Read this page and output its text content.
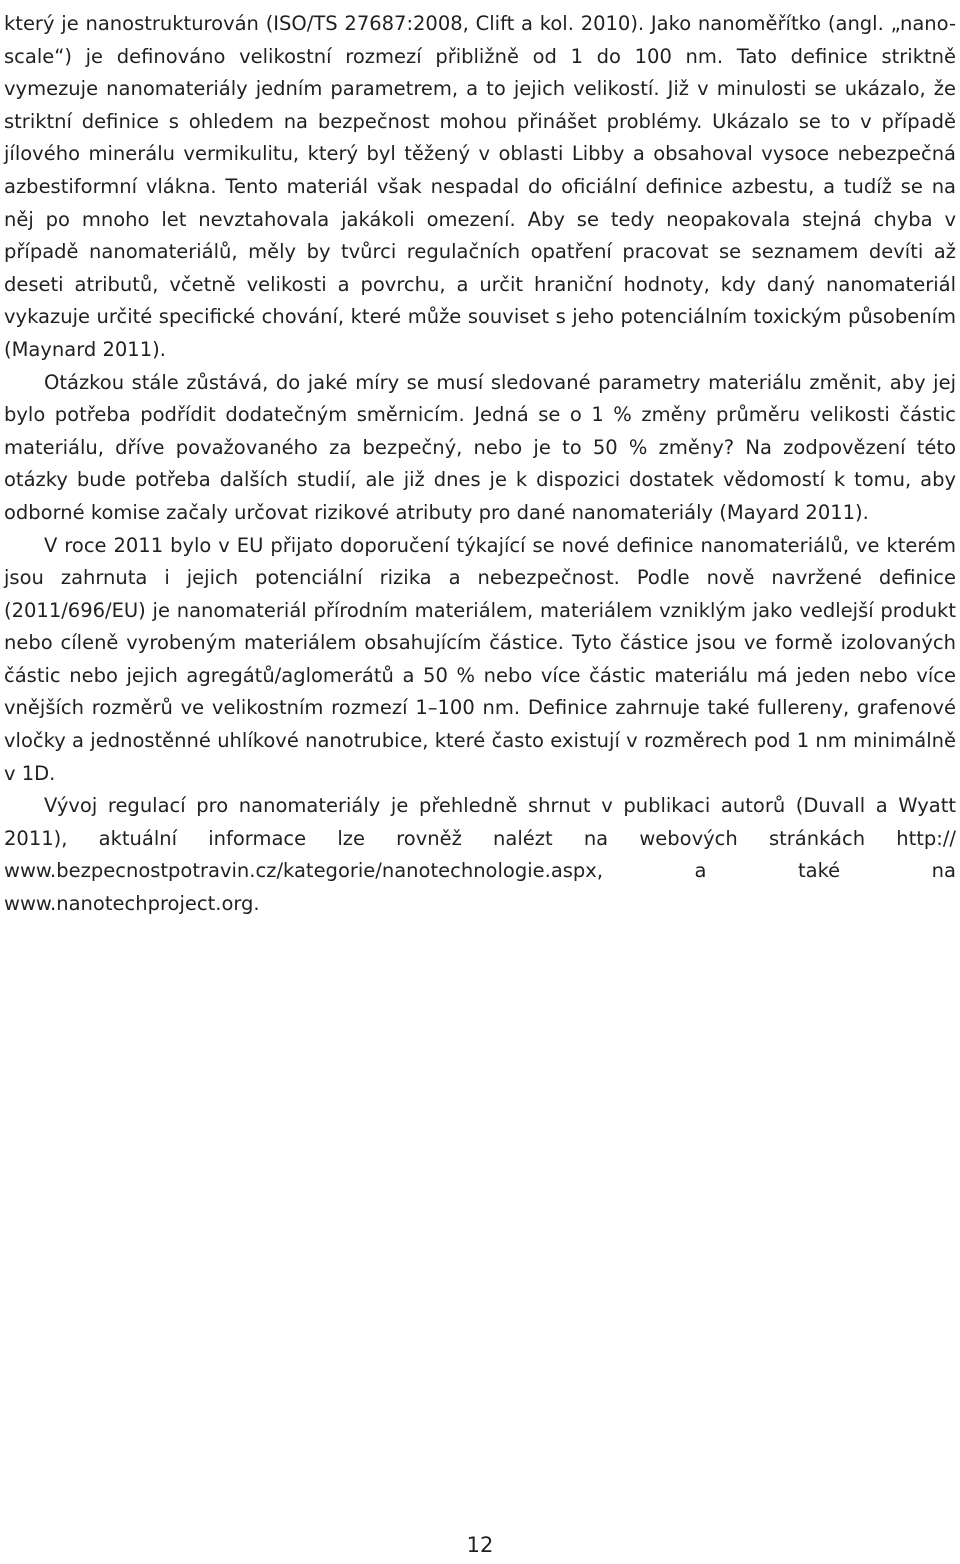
který je nanostrukturován (ISO/TS 27687:2008, Clift a kol. 2010). Jako nanoměřítko (angl. „nano-scale“) je definováno velikostní rozmezí přibližně od 1 do 100 nm. Tato definice striktně vymezuje nanomateriály jedním parametrem, a to jejich velikostí. Již v minulosti se ukázalo, že striktní definice s ohledem na bezpečnost mohou přinášet problémy. Ukázalo se to v případě jílového minerálu vermikulitu, který byl těžený v oblasti Libby a obsahoval vysoce nebezpečná azbestiformní vlákna. Tento materiál však nespadal do oficiální definice azbestu, a tudíž se na něj po mnoho let nevztahovala jakákoli omezení. Aby se tedy neopakovala stejná chyba v případě nanomateriálů, měly by tvůrci regulačních opatření pracovat se seznamem devíti až deseti atributů, včetně velikosti a povrchu, a určit hraniční hodnoty, kdy daný nanomateriál vykazuje určité specifické chování, které může souviset s jeho potenciálním toxickým působením (Maynard 2011).

Otázkou stále zůstává, do jaké míry se musí sledované parametry materiálu změnit, aby jej bylo potřeba podřídit dodatečným směrnicím. Jedná se o 1 % změny průměru velikosti částic materiálu, dříve považovaného za bezpečný, nebo je to 50 % změny? Na zodpovězení této otázky bude potřeba dalších studií, ale již dnes je k dispozici dostatek vědomostí k tomu, aby odborné komise začaly určovat rizikové atributy pro dané nanomateriály (Mayard 2011).

V roce 2011 bylo v EU přijato doporučení týkající se nové definice nanomateriálů, ve kterém jsou zahrnuta i jejich potenciální rizika a nebezpečnost. Podle nově navržené definice (2011/696/EU) je nanomateriál přírodním materiálem, materiálem vzniklým jako vedlejší produkt nebo cíleně vyrobeným materiálem obsahujícím částice. Tyto částice jsou ve formě izolovaných částic nebo jejich agregátů/aglomerátů a 50 % nebo více částic materiálu má jeden nebo více vnějších rozměrů ve velikostním rozmezí 1–100 nm. Definice zahrnuje také fullereny, grafenové vločky a jednostěnné uhlíkové nanotrubice, které často existují v rozměrech pod 1 nm minimálně v 1D.

Vývoj regulací pro nanomateriály je přehledně shrnut v publikaci autorů (Duvall a Wyatt 2011), aktuální informace lze rovněž nalézt na webových stránkách http:// www.bezpecnostpotravin.cz/kategorie/nanotechnologie.aspx, a také na www.nanotechproject.org.

12
